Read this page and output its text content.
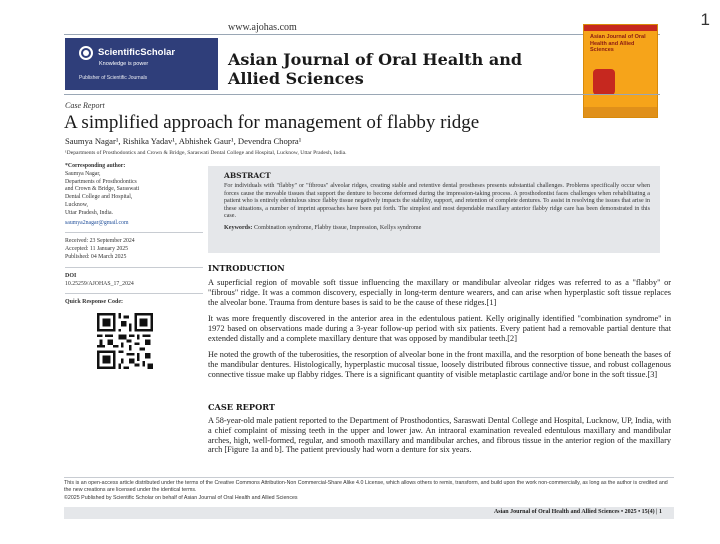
1
www.ajohas.com
ScientificScholar
Knowledge is power
Publisher of Scientific Journals
Asian Journal of Oral Health and Allied Sciences
Asian Journal of Oral Health and Allied Sciences
Case Report
A simplified approach for management of flabby ridge
Saumya Nagar¹, Rishika Yadav¹, Abhishek Gaur¹, Devendra Chopra¹
¹Departments of Prosthodontics and Crown & Bridge, Saraswati Dental College and Hospital, Lucknow, Uttar Pradesh, India.
*Corresponding author:
Saumya Nagar,
Departments of Prosthodontics
and Crown & Bridge, Saraswati
Dental College and Hospital,
Lucknow,
Uttar Pradesh, India.
saumya2nagar@gmail.com
Received: 23 September 2024
Accepted: 11 January 2025
Published: 04 March 2025
DOI
10.25259/AJOHAS_17_2024
Quick Response Code:
ABSTRACT
For individuals with "flabby" or "fibrous" alveolar ridges, creating stable and retentive dental prostheses presents substantial challenges. Problems specifically occur when forces cause the movable tissues that support the denture to become deformed during the impression-taking process. A prosthodontist faces challenges when rehabilitating a patient who is entirely edentulous since flabby tissue negatively impacts the stability, support, and retention of complete dentures. To assist in resolving the issues that arise in these situations, a number of imprint approaches have been put forth. The simplest and most dependable maxillary anterior flabby ridge care has been demonstrated in this case.
Keywords: Combination syndrome, Flabby tissue, Impression, Kellys syndrome
INTRODUCTION
A superficial region of movable soft tissue influencing the maxillary or mandibular alveolar ridges was referred to as a "flabby" or "fibrous" ridge. It was a common discovery, especially in long-term denture wearers, and can arise when hyperplastic soft tissue replaces the alveolar bone. Trauma from denture bases is said to be the cause of these ridges.[1]
It was more frequently discovered in the anterior area in the edentulous patient. Kelly originally identified "combination syndrome" in 1972 based on observations made during a 3-year follow-up period with six patients. Every patient had a removable partial denture that extended distally and a complete maxillary denture that was opposed by mandibular teeth.[2]
He noted the growth of the tuberosities, the resorption of alveolar bone in the front maxilla, and the resorption of bone beneath the bases of the mandibular dentures. Histologically, hyperplastic mucosal tissue, loosely distributed fibrous connective tissue, and robust collagenous connective tissue make up flabby ridges. There is a significant quantity of visible metaplastic cartilage and/or bone in the soft tissue.[3]
CASE REPORT
A 58-year-old male patient reported to the Department of Prosthodontics, Saraswati Dental College and Hospital, Lucknow, UP, India, with a chief complaint of missing teeth in the upper and lower jaw. An intraoral examination revealed edentulous maxillary and mandibular arches, high, well-formed, regular, and smooth maxillary and mandibular arches, and fibrous tissue in the anterior region of the maxillary arch [Figure 1a and b]. The patient previously had worn a denture for six years.
This is an open-access article distributed under the terms of the Creative Commons Attribution-Non Commercial-Share Alike 4.0 License, which allows others to remix, transform, and build upon the work non-commercially, as long as the author is credited and the new creations are licensed under the identical terms.
©2025 Published by Scientific Scholar on behalf of Asian Journal of Oral Health and Allied Sciences
Asian Journal of Oral Health and Allied Sciences • 2025 • 15(4) | 1
